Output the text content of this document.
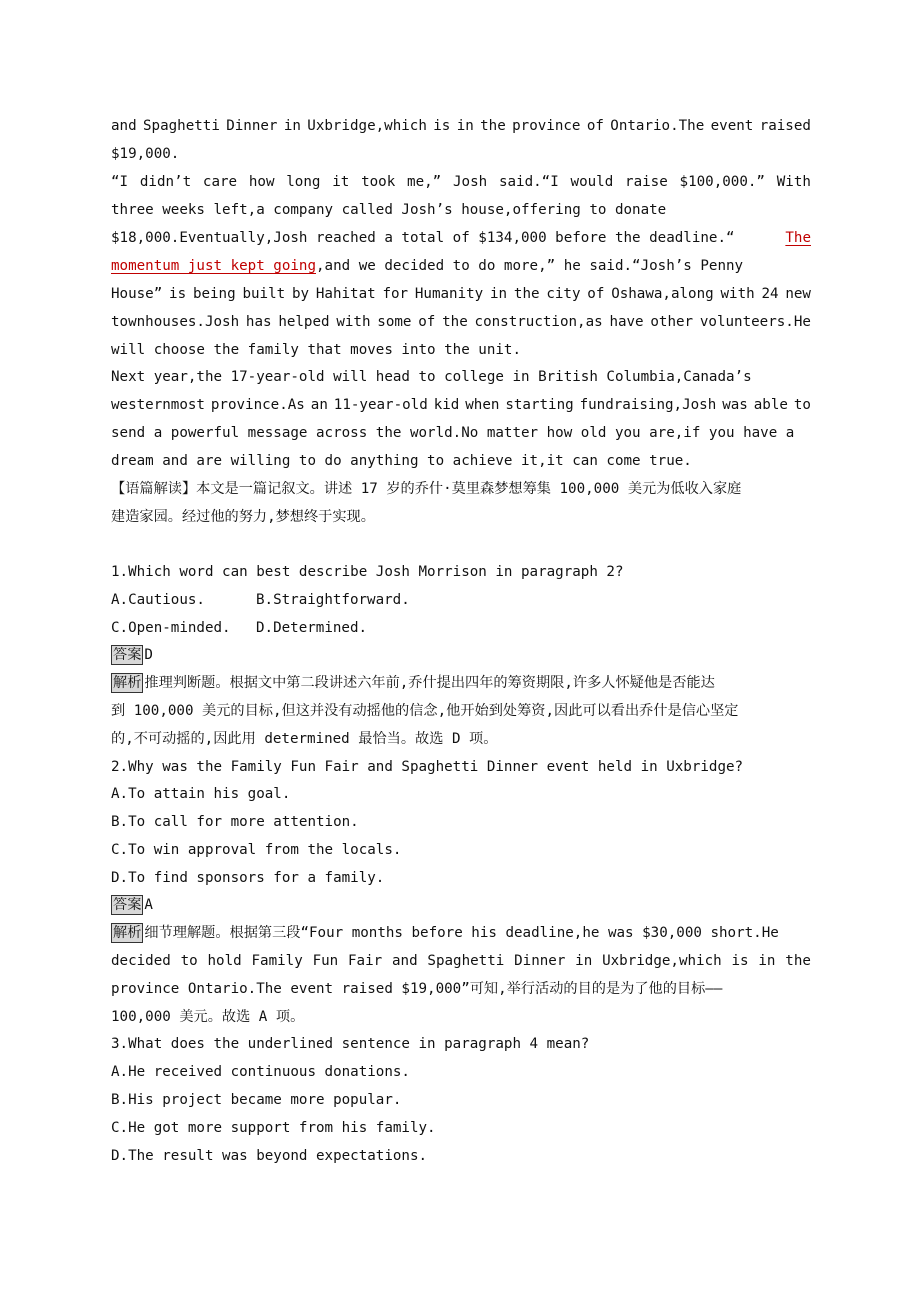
and Spaghetti Dinner in Uxbridge,which is in the province of Ontario.The event raised
$19,000.
“I didn’t care how long it took me,” Josh said.“I would raise $100,000.” With
three weeks left,a company called Josh’s house,offering to donate
$18,000.Eventually,Josh reached a total of $134,000 before the deadline.“	The
momentum just kept going,and we decided to do more,” he said.“Josh’s Penny
House” is being built by Hahitat for Humanity in the city of Oshawa,along with 24 new
townhouses.Josh has helped with some of the construction,as have other volunteers.He
will choose the family that moves into the unit.
Next year,the 17-year-old will head to college in British Columbia,Canada’s
westernmost province.As an 11-year-old kid when starting fundraising,Josh was able to
send a powerful message across the world.No matter how old you are,if you have a
dream and are willing to do anything to achieve it,it can come true.
【语篇解读】本文是一篇记叙文。讲述 17 岁的乔什·莫里森梦想筹集 100,000 美元为低收入家庭
建造家园。经过他的努力,梦想终于实现。
1.Which word can best describe Josh Morrison in paragraph 2?
A.Cautious.	B.Straightforward.
C.Open-minded. D.Determined.
答案 D
解析 推理判断题。根据文中第二段讲述六年前,乔什提出四年的筹资期限,许多人怀疑他是否能达
到 100,000 美元的目标,但这并没有动摇他的信念,他开始到处筹资,因此可以看出乔什是信心坚定
的,不可动摇的,因此用 determined 最恰当。故选 D 项。
2.Why was the Family Fun Fair and Spaghetti Dinner event held in Uxbridge?
A.To attain his goal.
B.To call for more attention.
C.To win approval from the locals.
D.To find sponsors for a family.
答案 A
解析 细节理解题。根据第三段“Four months before his deadline,he was $30,000 short.He
decided to hold Family Fun Fair and Spaghetti Dinner in Uxbridge,which is in the
province Ontario.The event raised $19,000”可知,举行活动的目的是为了他的目标——
100,000 美元。故选 A 项。
3.What does the underlined sentence in paragraph 4 mean?
A.He received continuous donations.
B.His project became more popular.
C.He got more support from his family.
D.The result was beyond expectations.
